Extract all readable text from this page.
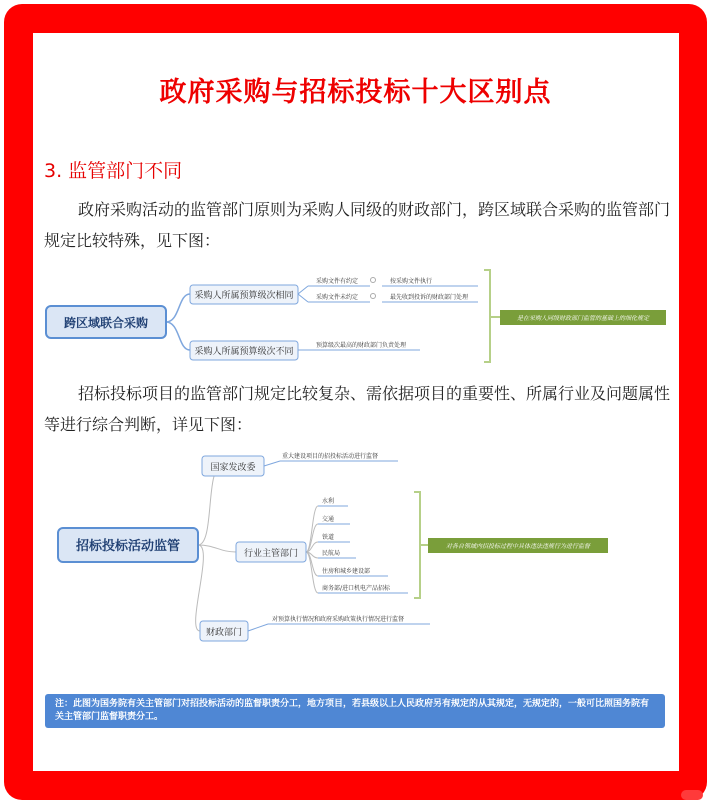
政府采购与招标投标十大区别点
3. 监管部门不同
政府采购活动的监管部门原则为采购人同级的财政部门，跨区域联合采购的监管部门规定比较特殊，见下图：
跨区域联合采购
采购人所属预算级次相同
采购人所属预算级次不同
采购文件有约定
采购文件未约定
按采购文件执行
最先收到投诉的财政部门处理
预算级次最高的财政部门负责处理
是在采购人同级财政部门监管的基础上的细化规定
招标投标项目的监管部门规定比较复杂、需依据项目的重要性、所属行业及问题属性等进行综合判断，详见下图：
招标投标活动监管
国家发改委
行业主管部门
财政部门
重大建设项目的招投标活动进行监督
对预算执行情况和政府采购政策执行情况进行监督
水利
交通
铁道
民航局
住房和城乡建设部
商务部/进口机电产品招标
对各自领域内招投标过程中具体违法违规行为进行监督
注：此图为国务院有关主管部门对招投标活动的监督职责分工，地方项目，若县级以上人民政府另有规定的从其规定，无规定的，一般可比照国务院有关主管部门监督职责分工。
